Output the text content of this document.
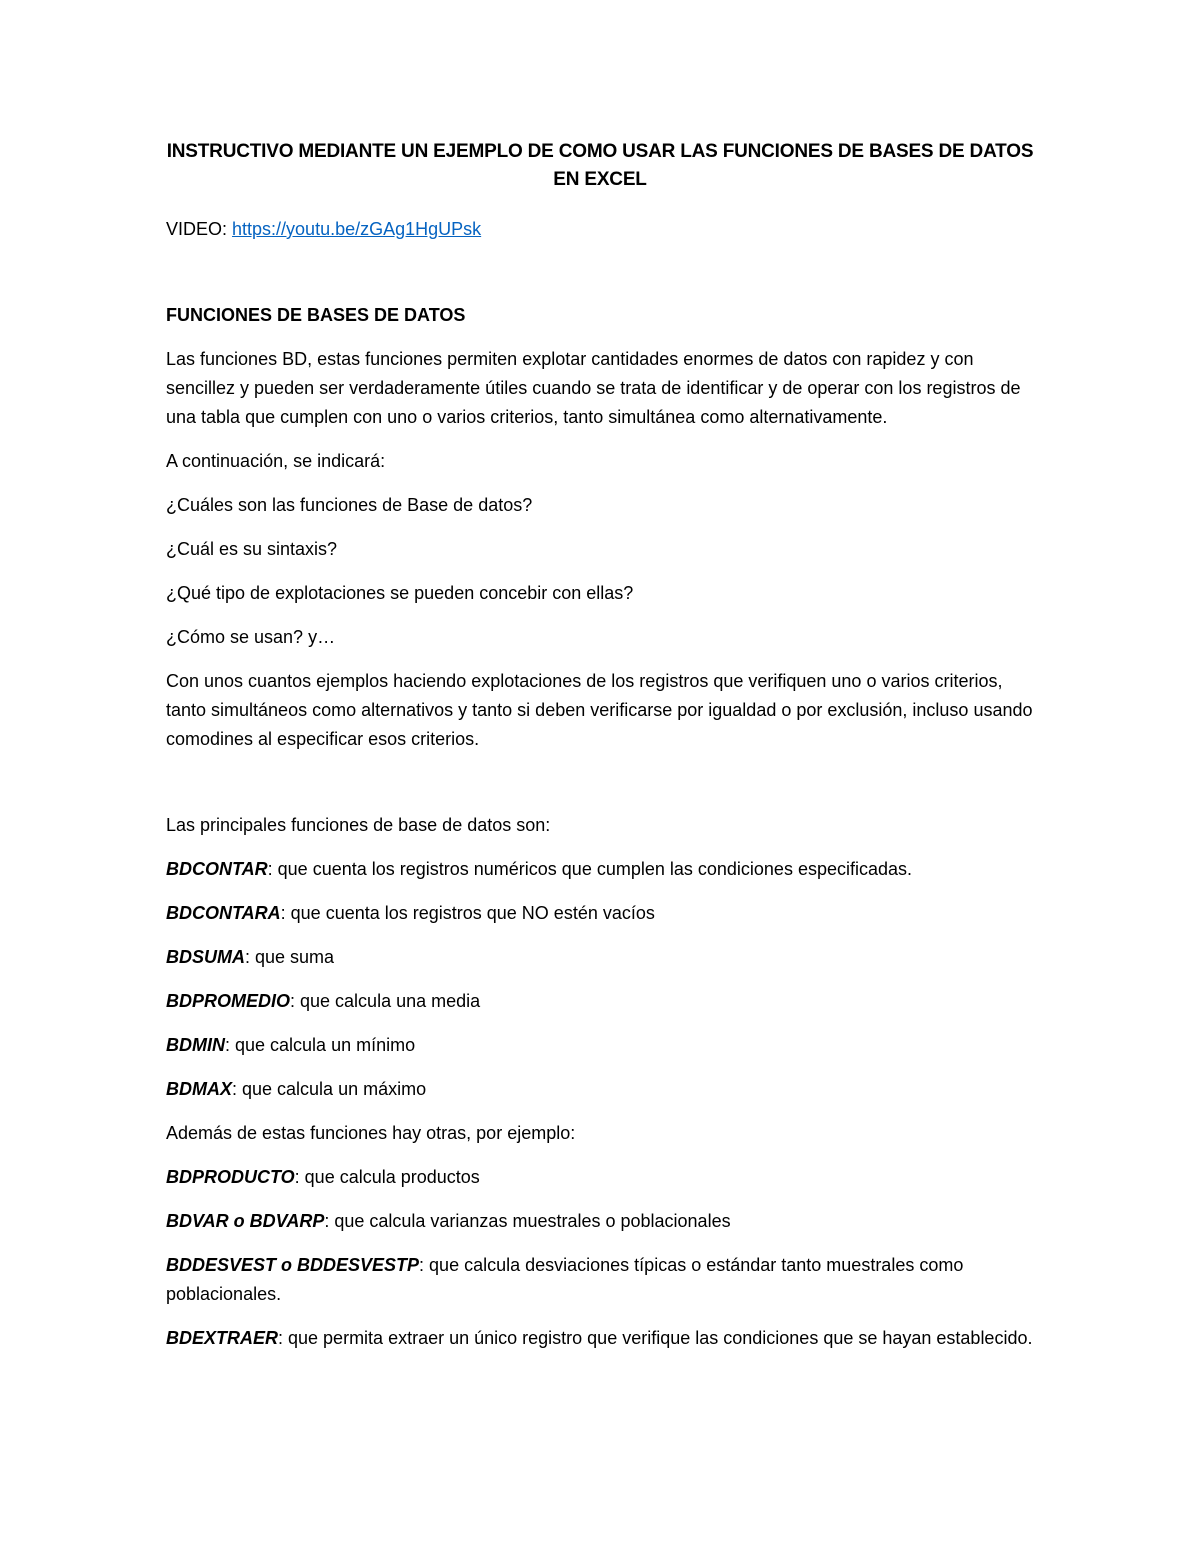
INSTRUCTIVO MEDIANTE UN EJEMPLO DE COMO USAR LAS FUNCIONES DE BASES DE DATOS EN EXCEL

VIDEO: https://youtu.be/zGAg1HgUPsk

FUNCIONES DE BASES DE DATOS

Las funciones BD, estas funciones permiten explotar cantidades enormes de datos con rapidez y con sencillez y pueden ser verdaderamente útiles cuando se trata de identificar y de operar con los registros de una tabla que cumplen con uno o varios criterios, tanto simultánea como alternativamente.

A continuación, se indicará:

¿Cuáles son las funciones de Base de datos?

¿Cuál es su sintaxis?

¿Qué tipo de explotaciones se pueden concebir con ellas?

¿Cómo se usan? y…

Con unos cuantos ejemplos haciendo explotaciones de los registros que verifiquen uno o varios criterios, tanto simultáneos como alternativos y tanto si deben verificarse por igualdad o por exclusión, incluso usando comodines al especificar esos criterios.

Las principales funciones de base de datos son:

BDCONTAR: que cuenta los registros numéricos que cumplen las condiciones especificadas.

BDCONTARA: que cuenta los registros que NO estén vacíos

BDSUMA: que suma

BDPROMEDIO: que calcula una media

BDMIN: que calcula un mínimo

BDMAX: que calcula un máximo

Además de estas funciones hay otras, por ejemplo:

BDPRODUCTO: que calcula productos

BDVAR o BDVARP: que calcula varianzas muestrales o poblacionales

BDDESVEST o BDDESVESTP: que calcula desviaciones típicas o estándar tanto muestrales como poblacionales.

BDEXTRAER: que permita extraer un único registro que verifique las condiciones que se hayan establecido.
